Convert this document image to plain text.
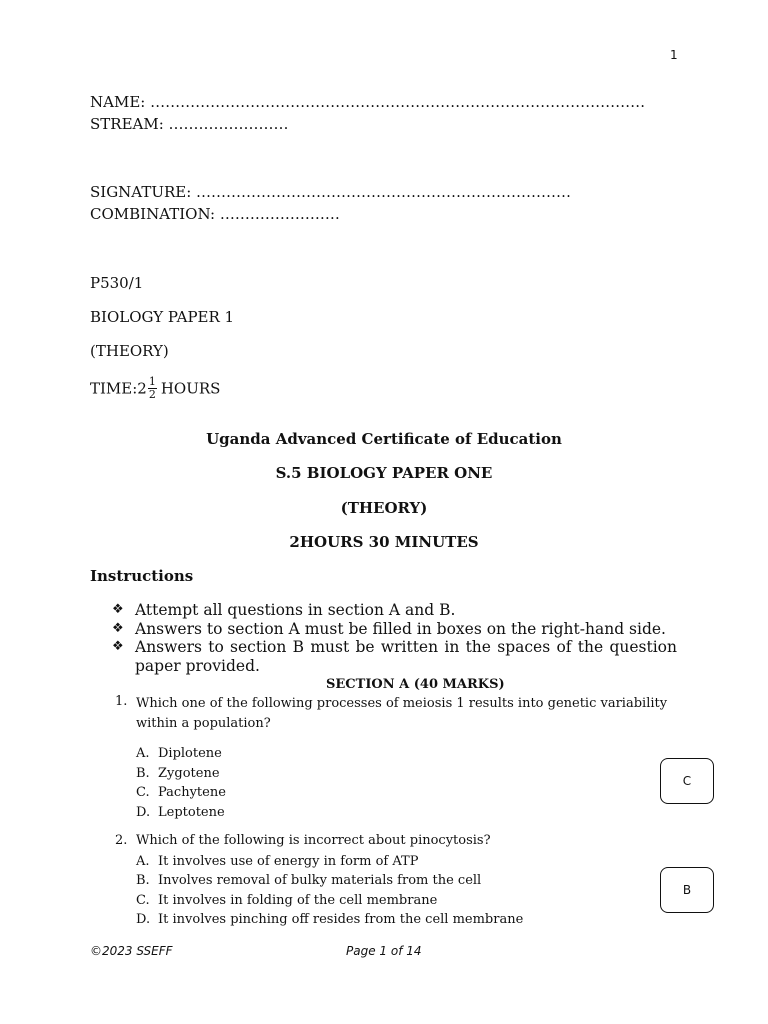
1
NAME: ………………………………………………………………………………………
STREAM: ……………………
SIGNATURE: …………………………………………………………………
COMBINATION: ……………………
P530/1
BIOLOGY PAPER 1
(THEORY)
TIME:2 $\frac{1}{2}$ HOURS
Uganda Advanced Certificate of Education
S.5 BIOLOGY PAPER ONE
(THEORY)
2HOURS 30 MINUTES
Instructions
❖ Attempt all questions in section A and B.
❖ Answers to section A must be filled in boxes on the right-hand side.
❖ Answers to section B must be written in the spaces of the question paper provided.
SECTION A (40 MARKS)
1. Which one of the following processes of meiosis 1 results into genetic variability
within a population?
A. Diplotene
B. Zygotene
C. Pachytene
D. Leptotene
C
2. Which of the following is incorrect about pinocytosis?
A. It involves use of energy in form of ATP
B. Involves removal of bulky materials from the cell
C. It involves in folding of the cell membrane
D. It involves pinching off resides from the cell membrane
B
©2023 SSEFF	Page 1 of 14
